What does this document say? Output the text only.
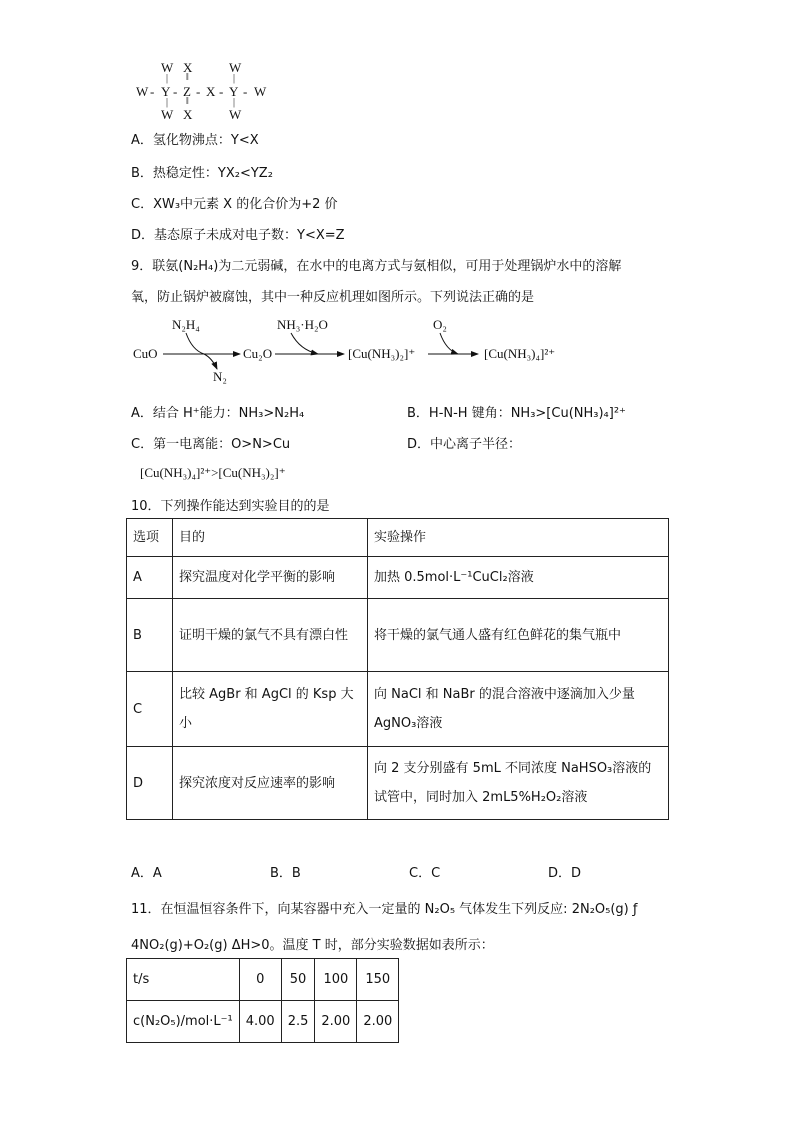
W X	W
| ‖	|
W - Y - Z - X - Y - W
| ‖	|
W X	W
A．氢化物沸点：Y<X
B．热稳定性：YX₂<YZ₂
C．XW₃中元素 X 的化合价为+2 价
D．基态原子未成对电子数：Y<X=Z
9．联氨(N₂H₄)为二元弱碱，在水中的电离方式与氨相似，可用于处理锅炉水中的溶解
氧，防止锅炉被腐蚀，其中一种反应机理如图所示。下列说法正确的是
CuO	Cu₂O	[Cu(NH₃)₂]⁺	[Cu(NH₃)₄]²⁺
N₂H₄
N₂
NH₃·H₂O	O₂
A．结合 H⁺能力：NH₃>N₂H₄	B．H-N-H 键角：NH₃>[Cu(NH₃)₄]²⁺
C．第一电离能：O>N>Cu	D．中心离子半径：
[Cu(NH₃)₄]²⁺>[Cu(NH₃)₂]⁺
10．下列操作能达到实验目的的是
选项	目的	实验操作
A	探究温度对化学平衡的影响	加热 0.5mol·L⁻¹CuCl₂溶液
B	证明干燥的氯气不具有漂白性	将干燥的氯气通人盛有红色鲜花的集气瓶中
C	比较 AgBr 和 AgCl 的 Ksp 大小	向 NaCl 和 NaBr 的混合溶液中逐滴加入少量 AgNO₃溶液
D	探究浓度对反应速率的影响	向 2 支分别盛有 5mL 不同浓度 NaHSO₃溶液的试管中，同时加入 2mL5%H₂O₂溶液
A．A	B．B	C．C	D．D
11．在恒温恒容条件下，向某容器中充入一定量的 N₂O₅ 气体发生下列反应: 2N₂O₅(g) ƒ
4NO₂(g)+O₂(g) ΔH>0。温度 T 时，部分实验数据如表所示：
t/s	0	50	100	150
c(N₂O₅)/mol·L⁻¹	4.00	2.5	2.00	2.00
